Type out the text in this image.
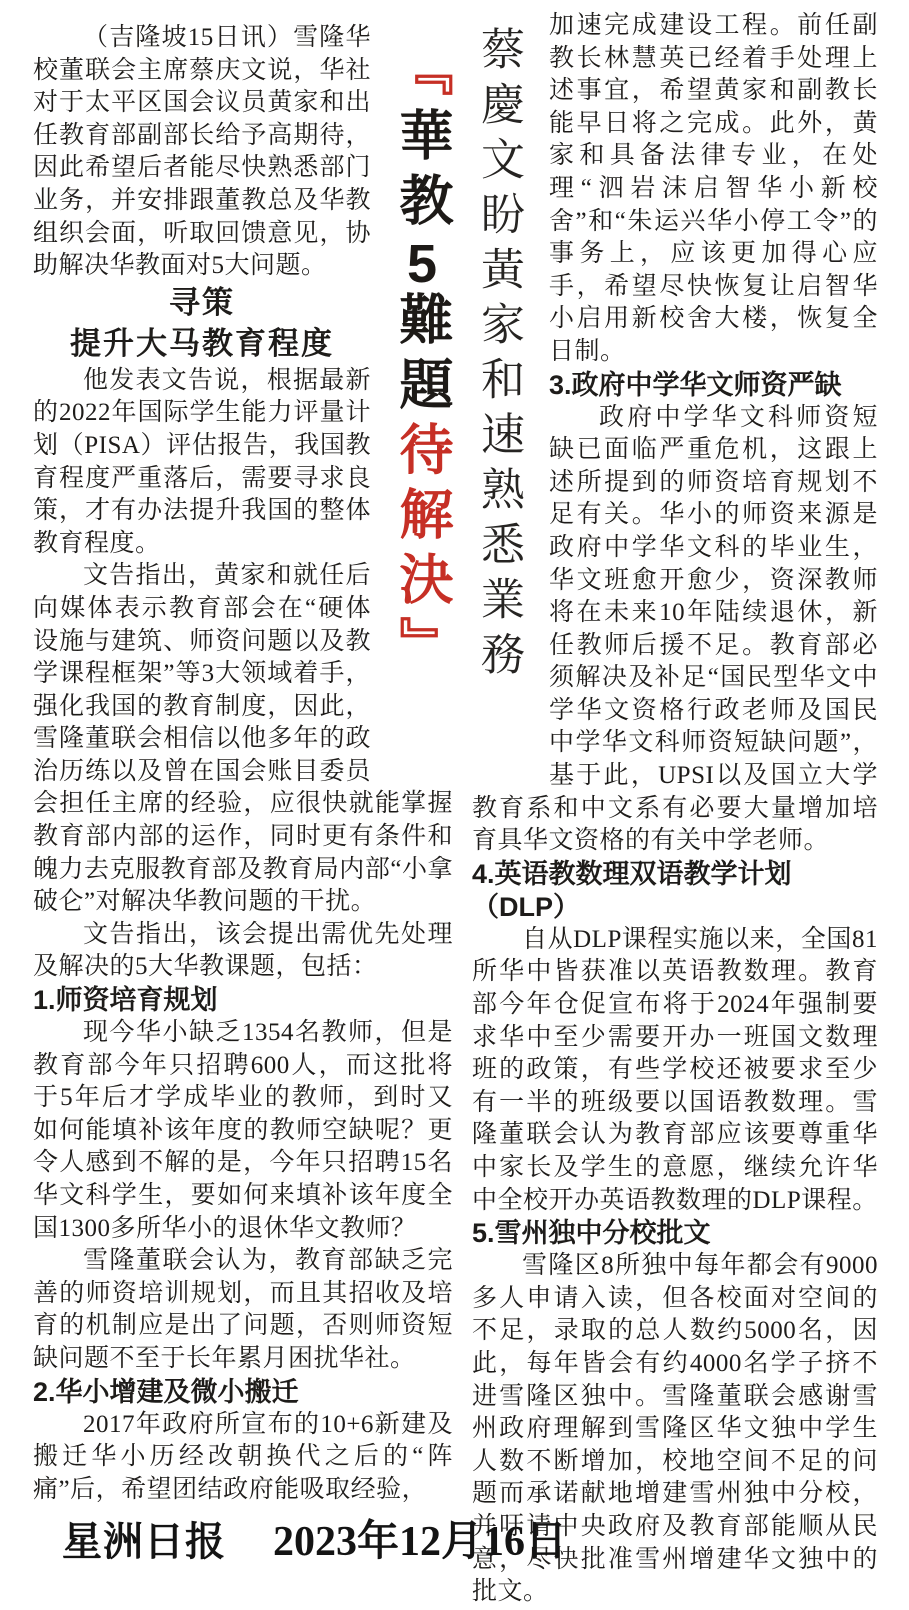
（吉隆坡15日讯）雪隆华校董联会主席蔡庆文说，华社对于太平区国会议员黄家和出任教育部副部长给予高期待，因此希望后者能尽快熟悉部门业务，并安排跟董教总及华教组织会面，听取回馈意见，协助解决华教面对5大问题。

寻策

提升大马教育程度

他发表文告说，根据最新的2022年国际学生能力评量计划（PISA）评估报告，我国教育程度严重落后，需要寻求良策，才有办法提升我国的整体教育程度。

文告指出，黄家和就任后向媒体表示教育部会在“硬体设施与建筑、师资问题以及教学课程框架”等3大领域着手，强化我国的教育制度，因此，雪隆董联会相信以他多年的政治历练以及曾在国会账目委员会担任主席的经验，应很快就能掌握教育部内部的运作，同时更有条件和魄力去克服教育部及教育局内部“小拿破仑”对解决华教问题的干扰。

文告指出，该会提出需优先处理及解决的5大华教课题，包括：

1.师资培育规划

现今华小缺乏1354名教师，但是教育部今年只招聘600人，而这批将于5年后才学成毕业的教师，到时又如何能填补该年度的教师空缺呢？更令人感到不解的是，今年只招聘15名华文科学生，要如何来填补该年度全国1300多所华小的退休华文教师？

雪隆董联会认为，教育部缺乏完善的师资培训规划，而且其招收及培育的机制应是出了问题，否则师资短缺问题不至于长年累月困扰华社。

2.华小增建及微小搬迁

2017年政府所宣布的10+6新建及搬迁华小历经改朝换代之后的“阵痛”后，希望团结政府能吸取经验，

『華教5難題待解決』 蔡慶文盼黃家和速熟悉業務

加速完成建设工程。前任副教长林慧英已经着手处理上述事宜，希望黄家和副教长能早日将之完成。此外，黄家和具备法律专业，在处理“泗岩沫启智华小新校舍”和“朱运兴华小停工令”的事务上，应该更加得心应手，希望尽快恢复让启智华小启用新校舍大楼，恢复全日制。

3.政府中学华文师资严缺

政府中学华文科师资短缺已面临严重危机，这跟上述所提到的师资培育规划不足有关。华小的师资来源是政府中学华文科的毕业生，华文班愈开愈少，资深教师将在未来10年陆续退休，新任教师后援不足。教育部必须解决及补足“国民型华文中学华文资格行政老师及国民中学华文科师资短缺问题”，基于此，UPSI以及国立大学教育系和中文系有必要大量增加培育具华文资格的有关中学老师。

4.英语教数理双语教学计划（DLP）

自从DLP课程实施以来，全国81所华中皆获准以英语教数理。教育部今年仓促宣布将于2024年强制要求华中至少需要开办一班国文数理班的政策，有些学校还被要求至少有一半的班级要以国语教数理。雪隆董联会认为教育部应该要尊重华中家长及学生的意愿，继续允许华中全校开办英语教数理的DLP课程。

5.雪州独中分校批文

雪隆区8所独中每年都会有9000多人申请入读，但各校面对空间的不足，录取的总人数约5000名，因此，每年皆会有约4000名学子挤不进雪隆区独中。雪隆董联会感谢雪州政府理解到雪隆区华文独中学生人数不断增加，校地空间不足的问题而承诺献地增建雪州独中分校，并吁请中央政府及教育部能顺从民意，尽快批准雪州增建华文独中的批文。

星洲日报 2023年12月16日
